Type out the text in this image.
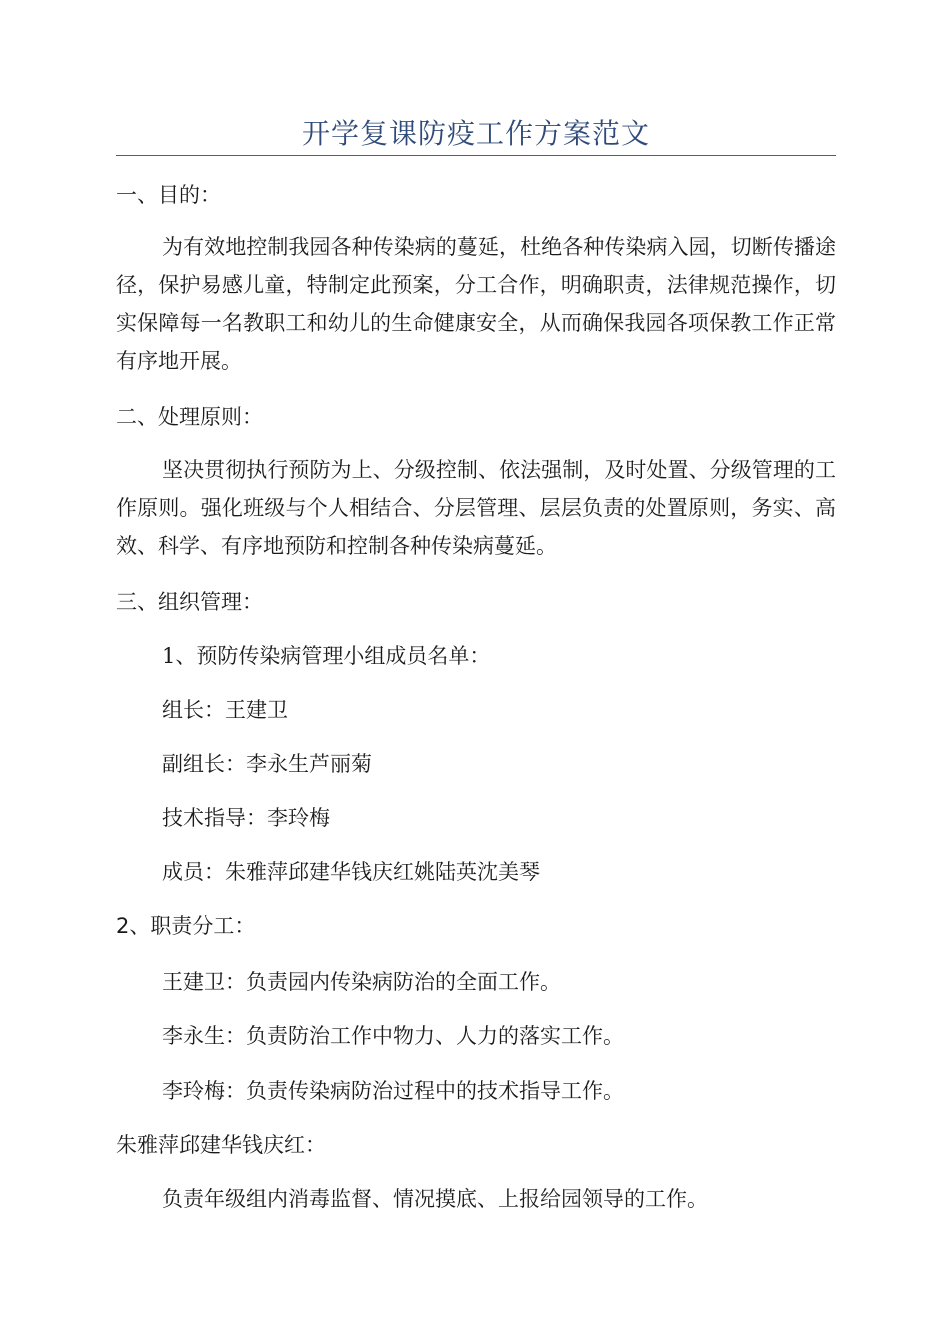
开学复课防疫工作方案范文
一、目的：
为有效地控制我园各种传染病的蔓延，杜绝各种传染病入园，切断传播途径，保护易感儿童，特制定此预案，分工合作，明确职责，法律规范操作，切实保障每一名教职工和幼儿的生命健康安全，从而确保我园各项保教工作正常有序地开展。
二、处理原则：
坚决贯彻执行预防为上、分级控制、依法强制，及时处置、分级管理的工作原则。强化班级与个人相结合、分层管理、层层负责的处置原则，务实、高效、科学、有序地预防和控制各种传染病蔓延。
三、组织管理：
1、预防传染病管理小组成员名单：
组长：王建卫
副组长：李永生芦丽菊
技术指导：李玲梅
成员：朱雅萍邱建华钱庆红姚陆英沈美琴
2、职责分工：
王建卫：负责园内传染病防治的全面工作。
李永生：负责防治工作中物力、人力的落实工作。
李玲梅：负责传染病防治过程中的技术指导工作。
朱雅萍邱建华钱庆红：
负责年级组内消毒监督、情况摸底、上报给园领导的工作。
